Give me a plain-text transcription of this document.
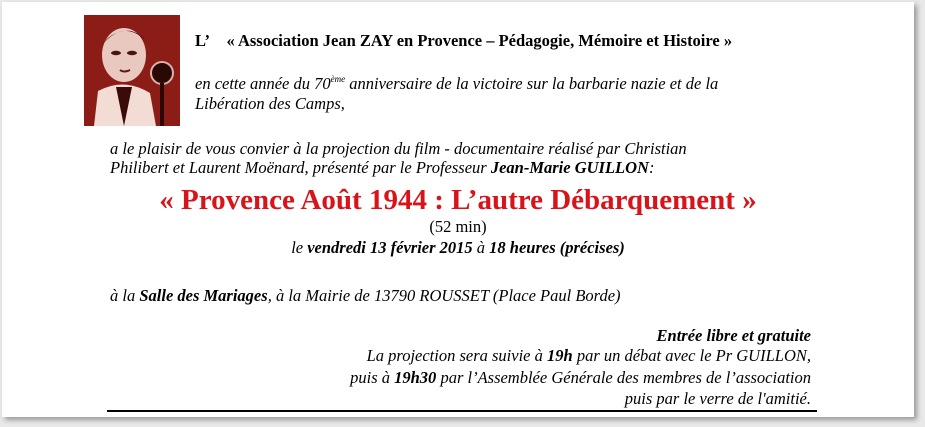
L’ « Association Jean ZAY en Provence – Pédagogie, Mémoire et Histoire »
en cette année du 70ème anniversaire de la victoire sur la barbarie nazie et de la
Libération des Camps,
a le plaisir de vous convier à la projection du film - documentaire réalisé par Christian
Philibert et Laurent Moënard, présenté par le Professeur Jean-Marie GUILLON:
« Provence Août 1944 : L’autre Débarquement »
(52 min)
le vendredi 13 février 2015 à 18 heures (précises)
à la Salle des Mariages, à la Mairie de 13790 ROUSSET (Place Paul Borde)
Entrée libre et gratuite
La projection sera suivie à 19h par un débat avec le Pr GUILLON,
puis à 19h30 par l’Assemblée Générale des membres de l’association
puis par le verre de l'amitié.
